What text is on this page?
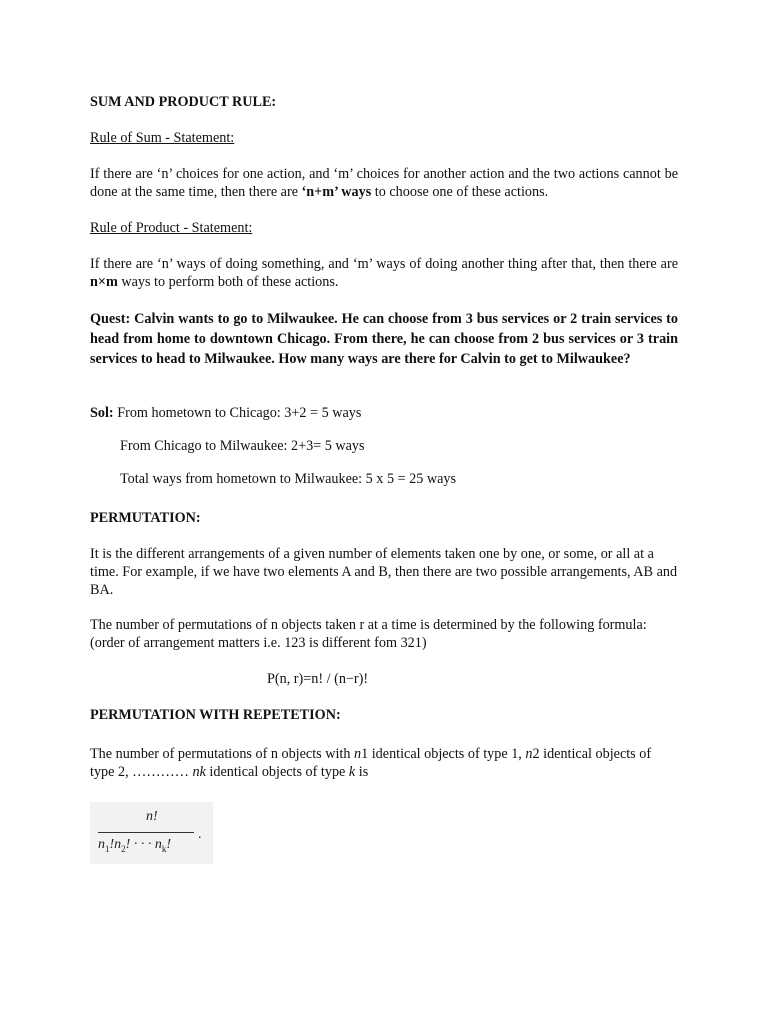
SUM AND PRODUCT RULE:

Rule of Sum - Statement:

If there are ‘n’ choices for one action, and ‘m’ choices for another action and the two actions cannot be done at the same time, then there are ‘n+m’ ways to choose one of these actions.

Rule of Product - Statement:

If there are ‘n’ ways of doing something, and ‘m’ ways of doing another thing after that, then there are n×m ways to perform both of these actions.

Quest: Calvin wants to go to Milwaukee. He can choose from 3 bus services or 2 train services to head from home to downtown Chicago. From there, he can choose from 2 bus services or 3 train services to head to Milwaukee. How many ways are there for Calvin to get to Milwaukee?

Sol: From hometown to Chicago: 3+2 = 5 ways

From Chicago to Milwaukee: 2+3= 5 ways

Total ways from hometown to Milwaukee: 5 x 5 = 25 ways

PERMUTATION:

It is the different arrangements of a given number of elements taken one by one, or some, or all at a time. For example, if we have two elements A and B, then there are two possible arrangements, AB and BA.

The number of permutations of n objects taken r at a time is determined by the following formula: (order of arrangement matters i.e. 123 is different fom 321)

P(n, r)=n! / (n−r)!

PERMUTATION WITH REPETETION:

The number of permutations of n objects with n1 identical objects of type 1, n2 identical objects of type 2, ………… nk identical objects of type k is

n!
$n_1!n_2$! · · · $n_k$!
.
